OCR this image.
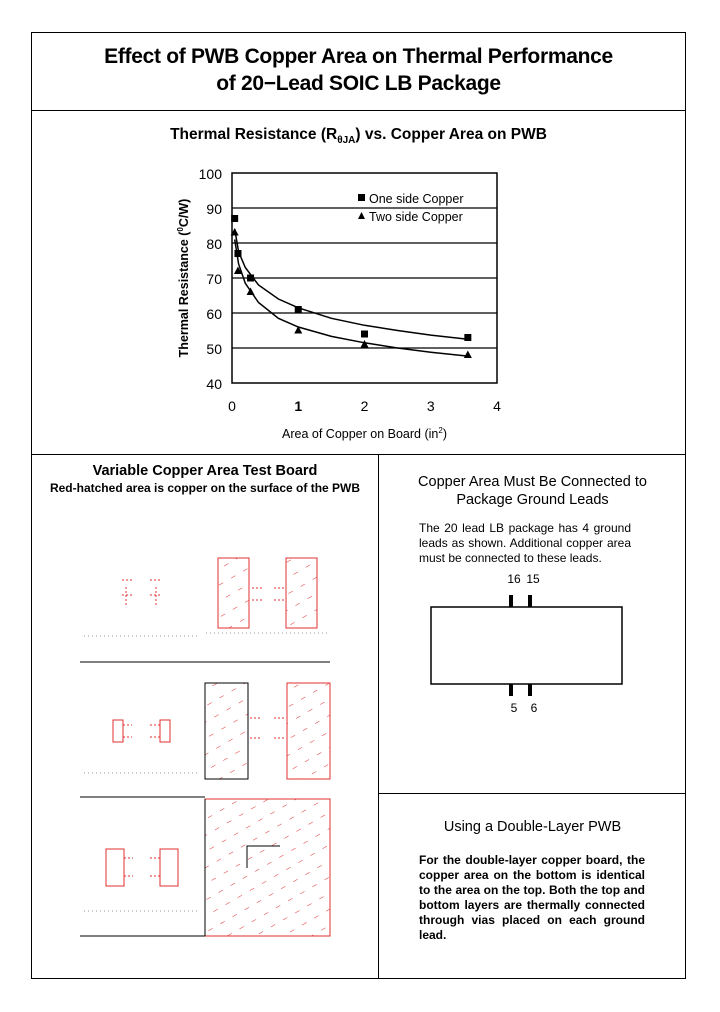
Effect of PWB Copper Area on Thermal Performance
of 20−Lead SOIC LB Package
Thermal Resistance $(R_{\theta JA})$ vs. Copper Area on PWB
40
50
60
70
80
90
100
0	1	2	3	4
Area of Copper on Board $(in^2)$
Thermal Resistance ($^0$C/W)	One side Copper
Two side Copper
Variable Copper Area Test Board
Red-hatched area is copper on the surface of the PWB	Copper Area Must Be Connected to
Package Ground Leads
The 20 lead LB package has 4 ground leads as shown. Additional copper area must be connected to these leads.
16 15
5 6
Using a Double-Layer PWB
For the double-layer copper board, the copper area on the bottom is identical to the area on the top. Both the top and bottom layers are thermally connected through vias placed on each ground lead.
